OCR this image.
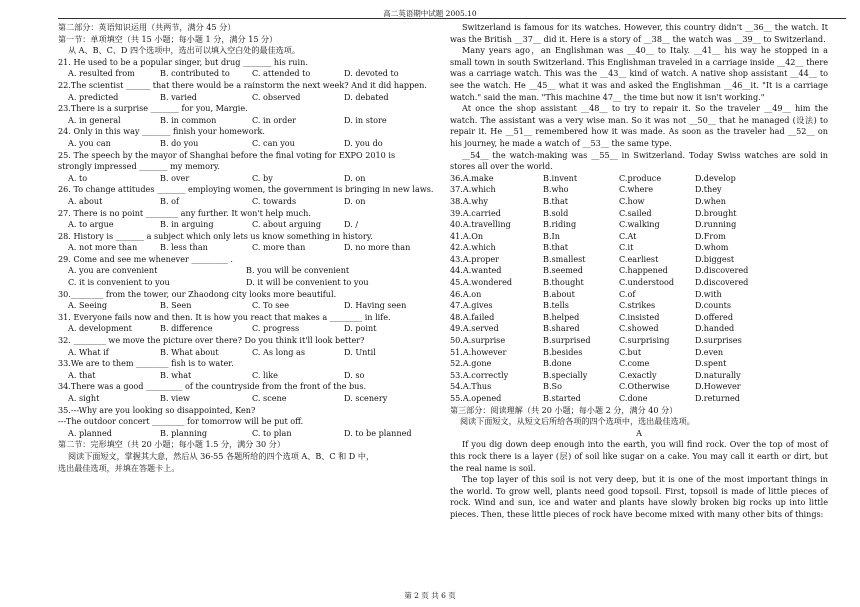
高二英语期中试题 2005.10
第二部分：英语知识运用（共两节，满分 45 分）
第一节：单项填空（共 15 小题；每小题 1 分，满分 15 分）
从 A、B、C、D 四个选项中，选出可以填入空白处的最佳选项。
21. He used to be a popular singer, but drug _______ his ruin.
A. resulted from	B. contributed to	C. attended to	D. devoted to
22.The scientist ______ that there would be a rainstorm the next week? And it did happen.
A. predicted	B. varied	C. observed	D. debated
23.There is a surprise _______ for you, Margie.
A. in general	B. in common	C. in order	D. in store
24. Only in this way _______ finish your homework.
A. you can	B. do you	C. can you	D. you do
25. The speech by the mayor of Shanghai before the final voting for EXPO 2010 is
strongly impressed _______ my memory.
A. to	B. over	C. by	D. on
26. To change attitudes _______ employing women, the government is bringing in new laws.
A. about	B. of	C. towards	D. on
27. There is no point ________ any further. It won't help much.
A. to argue	B. in arguing	C. about arguing	D. /
28. History is _______ a subject which only lets us know something in history.
A. not more than	B. less than	C. more than	D. no more than
29. Come and see me whenever _________ .
A. you are convenient	B. you will be convenient
C. it is convenient to you	D. it will be convenient to you
30.________ from the tower, our Zhaodong city looks more beautiful.
A. Seeing	B. Seen	C. To see	D. Having seen
31. Everyone fails now and then. It is how you react that makes a ________ in life.
A. development	B. difference	C. progress	D. point
32. ________ we move the picture over there? Do you think it'll look better?
A. What if	B. What about	C. As long as	D. Until
33.We are to them ________ fish is to water.
A. that	B. what	C. like	D. so
34.There was a good _________ of the countryside from the front of the bus.
A. sight	B. view	C. scene	D. scenery
35.---Why are you looking so disappointed, Ken?
---The outdoor concert ________ for tomorrow will be put off.
A. planned	B. planning	C. to plan	D. to be planned
第二节：完形填空（共 20 小题；每小题 1.5 分，满分 30 分）
阅读下面短文，掌握其大意，然后从 36-55 各题所给的四个选项 A、B、C 和 D 中，
选出最佳选项，并填在答题卡上。
Switzerland is famous for its watches. However, this country didn't __36__ the watch. It was the British __37__ did it. Here is a story of __38__ the watch was __39__ to Switzerland.
Many years ago，an Englishman was __40__ to Italy. __41__ his way he stopped in a small town in south Switzerland. This Englishman traveled in a carriage inside __42__ there was a carriage watch. This was the __43__ kind of watch. A native shop assistant __44__ to see the watch. He __45__ what it was and asked the Englishman __46__it. "It is a carriage watch." said the man. "This machine 47__ the time but now it isn't working."
At once the shop assistant __48__ to try to repair it. So the traveler __49__ him the watch. The assistant was a very wise man. So it was not __50__ that he managed (设法) to repair it. He __51__ remembered how it was made. As soon as the traveler had __52__ on his journey, he made a watch of __53__ the same type.
__54__ the watch-making was __55__ in Switzerland. Today Swiss watches are sold in stores all over the world.
36.A.make	B.invent	C.produce	D.develop
37.A.which	B.who	C.where	D.they
38.A.why	B.that	C.how	D.when
39.A.carried	B.sold	C.sailed	D.brought
40.A.travelling	B.riding	C.walking	D.running
41.A.On	B.In	C.At	D.From
42.A.which	B.that	C.it	D.whom
43.A.proper	B.smallest	C.earliest	D.biggest
44.A.wanted	B.seemed	C.happened	D.discovered
45.A.wondered	B.thought	C.understood	D.discovered
46.A.on	B.about	C.of	D.with
47.A.gives	B.tells	C.strikes	D.counts
48.A.failed	B.helped	C.insisted	D.offered
49.A.served	B.shared	C.showed	D.handed
50.A.surprise	B.surprised	C.surprising	D.surprises
51.A.however	B.besides	C.but	D.even
52.A.gone	B.done	C.come	D.spent
53.A.correctly	B.specially	C.exactly	D.naturally
54.A.Thus	B.So	C.Otherwise	D.However
55.A.opened	B.started	C.done	D.returned
第三部分：阅读理解（共 20 小题；每小题 2 分，满分 40 分）
阅读下面短文，从短文后所给各项的四个选项中，选出最佳选项。
A
If you dig down deep enough into the earth, you will find rock. Over the top of most of this rock there is a layer (层) of soil like sugar on a cake. You may call it earth or dirt, but the real name is soil.
The top layer of this soil is not very deep, but it is one of the most important things in the world. To grow well, plants need good topsoil. First, topsoil is made of little pieces of rock. Wind and sun, ice and water and plants have slowly broken big rocks up into little pieces. Then, these little pieces of rock have become mixed with many other bits of things:
第 2 页 共 6 页
